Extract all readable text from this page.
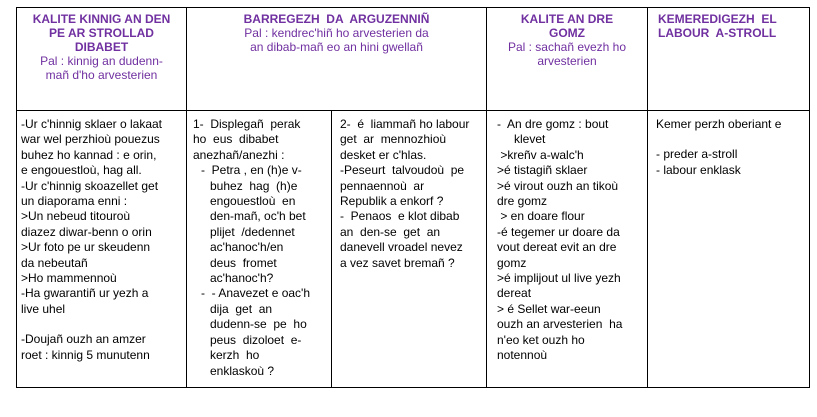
KALITE KINNIG AN DEN
PE AR STROLLAD
DIBABET
Pal : kinnig an dudenn-
mañ d'ho arvesterien
BARREGEZH  DA  ARGUZENNIÑ
Pal : kendrec'hiñ ho arvesterien da
an dibab-mañ eo an hini gwellañ
KALITE AN DRE
GOMZ
Pal : sachañ evezh ho
arvesterien
KEMEREDIGEZH  EL
LABOUR  A-STROLL
-Ur c'hinnig sklaer o lakaat
war wel perzhioù pouezus
buhez ho kannad : e orin,
e engouestloù, hag all.
-Ur c'hinnig skoazellet get
un diaporama enni :
>Un nebeud titouroù
diazez diwar-benn o orin
>Ur foto pe ur skeudenn
da nebeutañ
>Ho mammennoù
-Ha gwarantiñ ur yezh a
live uhel
-Doujañ ouzh an amzer
roet : kinnig 5 munutenn
1-  Displegañ  perak
ho  eus  dibabet
anezhañ/anezhi :
-  Petra , en (h)e v-
buhez  hag  (h)e
engouestloù  en
den-mañ, oc'h bet
plijet  /dedennet
ac'hanoc'h/en
deus  fromet
ac'hanoc'h?
-  - Anavezet e oac'h
dija  get  an
dudenn-se  pe  ho
peus  dizoloet  e-
kerzh  ho
enklaskoù ?
2-  é  liammañ ho labour
get  ar  mennozhioù
desket er c'hlas.
-Peseurt  talvoudoù  pe
pennaennoù  ar
Republik a enkorf ?
-  Penaos  e klot dibab
an  den-se  get  an
danevell vroadel nevez
a vez savet bremañ ?
-  An dre gomz : bout
klevet
>kreñv a-walc'h
>é tistagiñ sklaer
>é virout ouzh an tikoù
dre gomz
> en doare flour
-é tegemer ur doare da
vout dereat evit an dre
gomz
>é implijout ul live yezh
dereat
> é Sellet war-eeun
ouzh an arvesterien  ha
n'eo ket ouzh ho
notennoù
Kemer perzh oberiant e
- preder a-stroll
- labour enklask
